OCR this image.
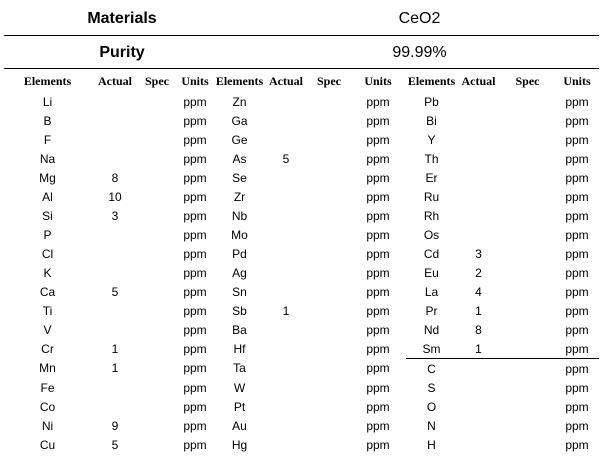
Materials	CeO2
Purity	99.99%
Elements	Actual	Spec	Units	Elements	Actual	Spec	Units	Elements	Actual	Spec	Units
Li			ppm	Zn			ppm	Pb			ppm
B			ppm	Ga			ppm	Bi			ppm
F			ppm	Ge			ppm	Y			ppm
Na			ppm	As	5		ppm	Th			ppm
Mg	8		ppm	Se			ppm	Er			ppm
Al	10		ppm	Zr			ppm	Ru			ppm
Si	3		ppm	Nb			ppm	Rh			ppm
P			ppm	Mo			ppm	Os			ppm
Cl			ppm	Pd			ppm	Cd	3		ppm
K			ppm	Ag			ppm	Eu	2		ppm
Ca	5		ppm	Sn			ppm	La	4		ppm
Ti			ppm	Sb	1		ppm	Pr	1		ppm
V			ppm	Ba			ppm	Nd	8		ppm
Cr	1		ppm	Hf			ppm	Sm	1		ppm
Mn	1		ppm	Ta			ppm	C			ppm
Fe			ppm	W			ppm	S			ppm
Co			ppm	Pt			ppm	O			ppm
Ni	9		ppm	Au			ppm	N			ppm
Cu	5		ppm	Hg			ppm	H			ppm
